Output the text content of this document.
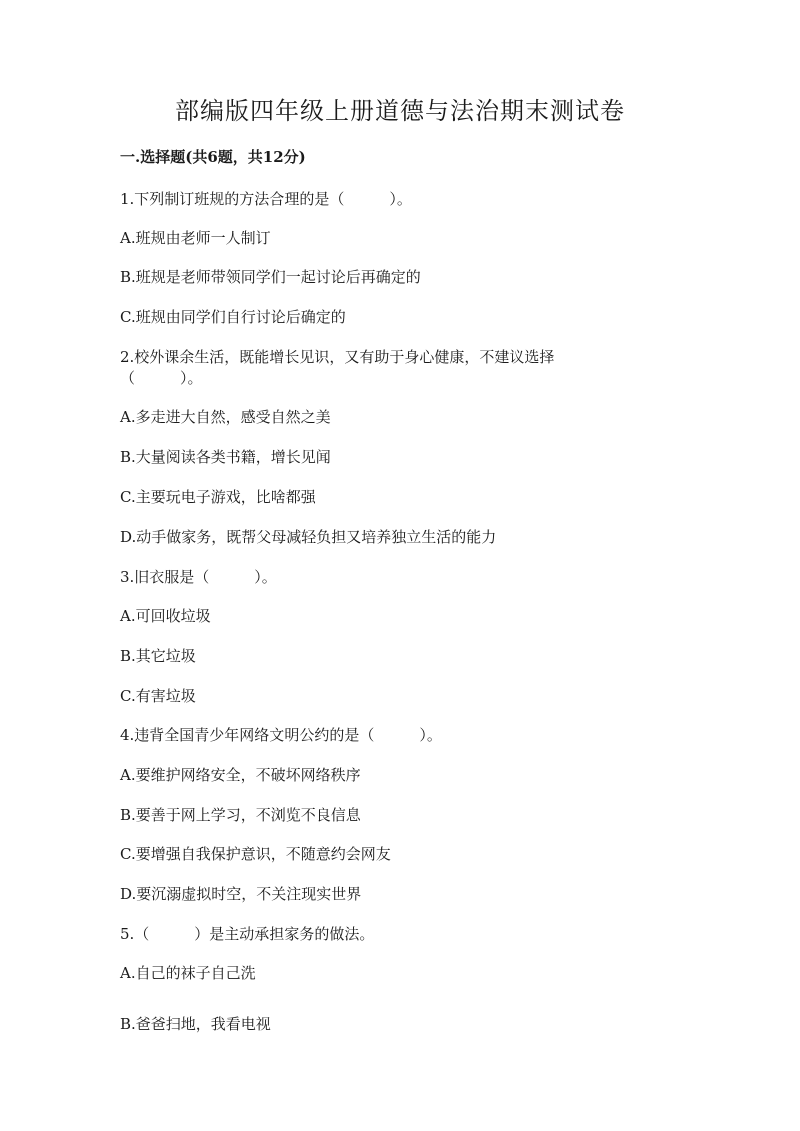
部编版四年级上册道德与法治期末测试卷
一.选择题(共6题，共12分)
1.下列制订班规的方法合理的是（　　　）。
A.班规由老师一人制订
B.班规是老师带领同学们一起讨论后再确定的
C.班规由同学们自行讨论后确定的
2.校外课余生活，既能增长见识，又有助于身心健康，不建议选择
（　　　）。
A.多走进大自然，感受自然之美
B.大量阅读各类书籍，增长见闻
C.主要玩电子游戏，比啥都强
D.动手做家务，既帮父母减轻负担又培养独立生活的能力
3.旧衣服是（　　　）。
A.可回收垃圾
B.其它垃圾
C.有害垃圾
4.违背全国青少年网络文明公约的是（　　　）。
A.要维护网络安全，不破坏网络秩序
B.要善于网上学习，不浏览不良信息
C.要增强自我保护意识，不随意约会网友
D.要沉溺虚拟时空，不关注现实世界
5.（　　　）是主动承担家务的做法。
A.自己的袜子自己洗
B.爸爸扫地，我看电视
